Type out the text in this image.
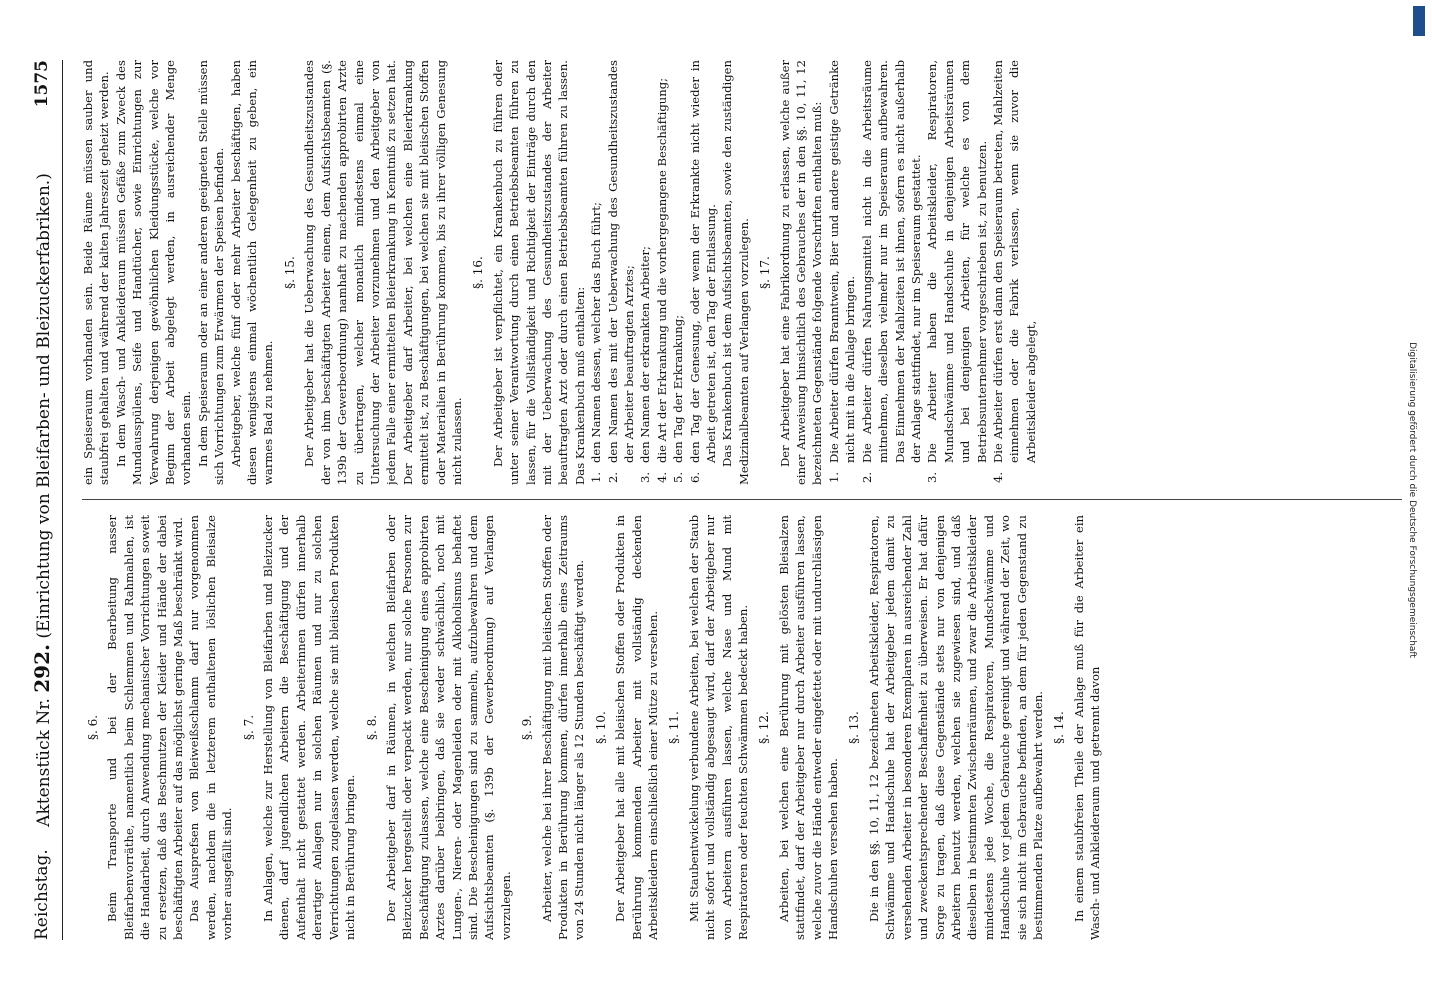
Reichstag.
Aktenstück Nr. 292. (Einrichtung von Bleifarben- und Bleizuckerfabriken.)
1575
§. 6. Beim Transporte und bei der Bearbeitung nasser Bleifarbenvorräthe, namentlich beim Schlemmen und Rahmahlen, ist die Handarbeit, durch Anwendung mechanischer Vorrichtungen soweit zu ersetzen, daß das Beschmutzen der Kleider und Hände der dabei beschäftigten Arbeiter auf das möglichst geringe Maß beschränkt wird. Das Ausprefsen von Bleiweißschlamm darf nur vorgenommen werden, nachdem die in letzterem enthaltenen löslichen Bleisalze vorher ausgefällt sind.

§. 7. In Anlagen, welche zur Herstellung von Bleifarben und Bleizucker dienen, darf jugendlichen Arbeitern die Beschäftigung und der Aufenthalt nicht gestattet werden. Arbeiterinnen dürfen innerhalb derartiger Anlagen nur in solchen Räumen und nur zu solchen Verrichtungen zugelassen werden, welche sie mit bleiischen Produkten nicht in Berührung bringen.

§. 8. Der Arbeitgeber darf in Räumen, in welchen Bleifarben oder Bleizucker hergestellt oder verpackt werden, nur solche Personen zur Beschäftigung zulassen, welche eine Bescheinigung eines approbirten Arztes darüber beibringen, daß sie weder schwächlich, noch mit Lungen-, Nieren- oder Magenleiden oder mit Alkoholismus behaftet sind. Die Bescheinigungen sind zu sammeln, aufzubewahren und dem Aufsichtsbeamten (§. 139b der Gewerbeordnung) auf Verlangen vorzulegen.

§. 9. Arbeiter, welche bei ihrer Beschäftigung mit bleiischen Stoffen oder Produkten in Berührung kommen, dürfen innerhalb eines Zeitraums von 24 Stunden nicht länger als 12 Stunden beschäftigt werden. §. 10. Der Arbeitgeber hat alle mit bleiischen Stoffen oder Produkten in Berührung kommenden Arbeiter mit vollständig deckenden Arbeitskleidern einschließlich einer Mütze zu versehen. §. 11. Mit Staubentwickelung verbundene Arbeiten, bei welchen der Staub nicht sofort und vollständig abgesaugt wird, darf der Arbeitgeber nur von Arbeitern ausführen lassen, welche Nase und Mund mit Respiratoren oder feuchten Schwämmen bedeckt haben. §. 12. Arbeiten, bei welchen eine Berührung mit gelösten Bleisalzen stattfindet, darf der Arbeitgeber nur durch Arbeiter ausführen lassen, welche zuvor die Hände entweder eingefettet oder mit undurchlässigen Handschuhen versehen haben.

§. 13. Die in den §§. 10, 11, 12 bezeichneten Arbeitskleider, Respiratoren, Schwämme und Handschuhe hat der Arbeitgeber jedem damit zu versehenden Arbeiter in besonderen Exemplaren in ausreichender Zahl und zweckentsprechender Beschaffenheit zu überweisen. Er hat dafür Sorge zu tragen, daß diese Gegenstände stets nur von denjenigen Arbeitern benutzt werden, welchen sie zugewiesen sind, und daß dieselben in bestimmten Zwischenräumen, und zwar die Arbeitskleider mindestens jede Woche, die Respiratoren, Mundschwämme und Handschuhe vor jedem Gebrauche gereinigt und während der Zeit, wo sie sich nicht im Gebrauche befinden, an dem für jeden Gegenstand zu bestimmenden Platze aufbewahrt werden. §. 14. In einem staubfreien Theile der Anlage muß für die Arbeiter ein Wasch- und Ankleideraum und getrennt davon

ein Speiseraum vorhanden sein. Beide Räume müssen sauber und staubfrei gehalten und während der kalten Jahreszeit geheizt werden. In dem Wasch- und Ankleideraum müssen Gefäße zum Zweck des Mundausspülens, Seife und Handtücher, sowie Einrichtungen zur Verwahrung derjenigen gewöhnlichen Kleidungsstücke, welche vor Beginn der Arbeit abgelegt werden, in ausreichender Menge vorhanden sein. In dem Speiseraum oder an einer anderen geeigneten Stelle müssen sich Vorrichtungen zum Erwärmen der Speisen befinden. Arbeitgeber, welche fünf oder mehr Arbeiter beschäftigen, haben diesen wenigstens einmal wöchentlich Gelegenheit zu geben, ein warmes Bad zu nehmen.

§. 15. Der Arbeitgeber hat die Ueberwachung des Gesundheitszustandes der von ihm beschäftigten Arbeiter einem, dem Aufsichtsbeamten (§. 139b der Gewerbeordnung) namhaft zu machenden approbirten Arzte zu übertragen, welcher monatlich mindestens einmal eine Untersuchung der Arbeiter vorzunehmen und den Arbeitgeber von jedem Falle einer ermittelten Bleierkrankung in Kenntniß zu setzen hat. Der Arbeitgeber darf Arbeiter, bei welchen eine Bleierkrankung ermittelt ist, zu Beschäftigungen, bei welchen sie mit bleiischen Stoffen oder Materialien in Berührung kommen, bis zu ihrer völligen Genesung nicht zulassen.

§. 16. Der Arbeitgeber ist verpflichtet, ein Krankenbuch zu führen oder unter seiner Verantwortung durch einen Betriebsbeamten führen zu lassen, für die Vollständigkeit und Richtigkeit der Einträge durch den mit der Ueberwachung des Gesundheitszustandes der Arbeiter beauftragten Arzt oder durch einen Betriebsbeamten führen zu lassen. Das Krankenbuch muß enthalten: 1.
den Namen dessen, welcher das Buch führt;
2.
den Namen des mit der Ueberwachung des Gesundheitszustandes der Arbeiter beauftragten Arztes;
3.
den Namen der erkrankten Arbeiter;
4.
die Art der Erkrankung und die vorhergegangene Beschäftigung;
5.
den Tag der Erkrankung;
6.
den Tag der Genesung, oder wenn der Erkrankte nicht wieder in Arbeit getreten ist, den Tag der Entlassung. Das Krankenbuch ist dem Aufsichtsbeamten, sowie den zuständigen Medizinalbeamten auf Verlangen vorzulegen. §. 17. Der Arbeitgeber hat eine Fabrikordnung zu erlassen, welche außer einer Anweisung hinsichtlich des Gebrauches der in den §§. 10, 11, 12 bezeichneten Gegenstände folgende Vorschriften enthalten muß: 1.
Die Arbeiter dürfen Branntwein, Bier und andere geistige Getränke nicht mit in die Anlage bringen.
2.
Die Arbeiter dürfen Nahrungsmittel nicht in die Arbeitsräume mitnehmen, dieselben vielmehr nur im Speiseraum aufbewahren. Das Einnehmen der Mahlzeiten ist ihnen, sofern es nicht außerhalb der Anlage stattfindet, nur im Speiseraum gestattet.
3.
Die Arbeiter haben die Arbeitskleider, Respiratoren, Mundschwämme und Handschuhe in denjenigen Arbeitsräumen und bei denjenigen Arbeiten, für welche es von dem Betriebsunternehmer vorgeschrieben ist, zu benutzen.
4.
Die Arbeiter dürfen erst dann den Speiseraum betreten, Mahlzeiten einnehmen oder die Fabrik verlassen, wenn sie zuvor die Arbeitskleider abgelegt,	Digitalisierung gefördert durch die Deutsche Forschungsgemeinschaft
